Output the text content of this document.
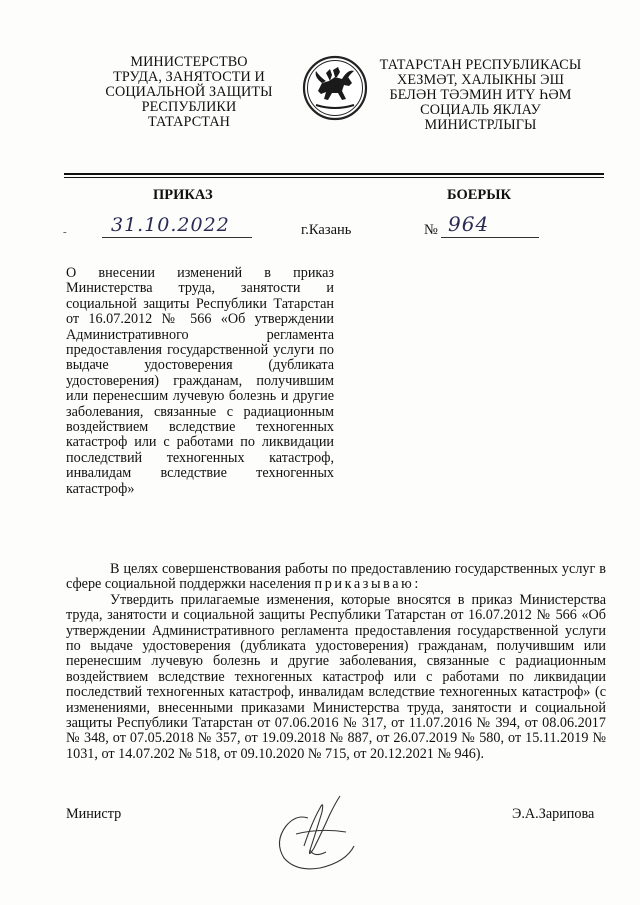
МИНИСТЕРСТВО
ТРУДА, ЗАНЯТОСТИ И
СОЦИАЛЬНОЙ ЗАЩИТЫ
РЕСПУБЛИКИ
ТАТАРСТАН
ТАТАРСТАН РЕСПУБЛИКАСЫ
ХЕЗМӘТ, ХАЛЫКНЫ ЭШ
БЕЛӘН ТӘЭМИН ИТҮ ҺӘМ
СОЦИАЛЬ ЯКЛАУ
МИНИСТРЛЫГЫ
ПРИКАЗ	БОЕРЫК
- 31.10.2022	г.Казань	№ 964
О внесении изменений в приказ Министерства труда, занятости и социальной защиты Республики Татарстан от 16.07.2012 № 566 «Об утверждении Административного регламента предоставления государственной услуги по выдаче удостоверения (дубликата удостоверения) гражданам, получившим или перенесшим лучевую болезнь и другие заболевания, связанные с радиационным воздействием вследствие техногенных катастроф или с работами по ликвидации последствий техногенных катастроф, инвалидам вследствие техногенных катастроф»

В целях совершенствования работы по предоставлению государственных услуг в сфере социальной поддержки населения приказываю:

Утвердить прилагаемые изменения, которые вносятся в приказ Министерства труда, занятости и социальной защиты Республики Татарстан от 16.07.2012 № 566 «Об утверждении Административного регламента предоставления государственной услуги по выдаче удостоверения (дубликата удостоверения) гражданам, получившим или перенесшим лучевую болезнь и другие заболевания, связанные с радиационным воздействием вследствие техногенных катастроф или с работами по ликвидации последствий техногенных катастроф, инвалидам вследствие техногенных катастроф» (с изменениями, внесенными приказами Министерства труда, занятости и социальной защиты Республики Татарстан от 07.06.2016 № 317, от 11.07.2016 № 394, от 08.06.2017 № 348, от 07.05.2018 № 357, от 19.09.2018 № 887, от 26.07.2019 № 580, от 15.11.2019 № 1031, от 14.07.202 № 518, от 09.10.2020 № 715, от 20.12.2021 № 946).

Министр	Э.А.Зарипова
